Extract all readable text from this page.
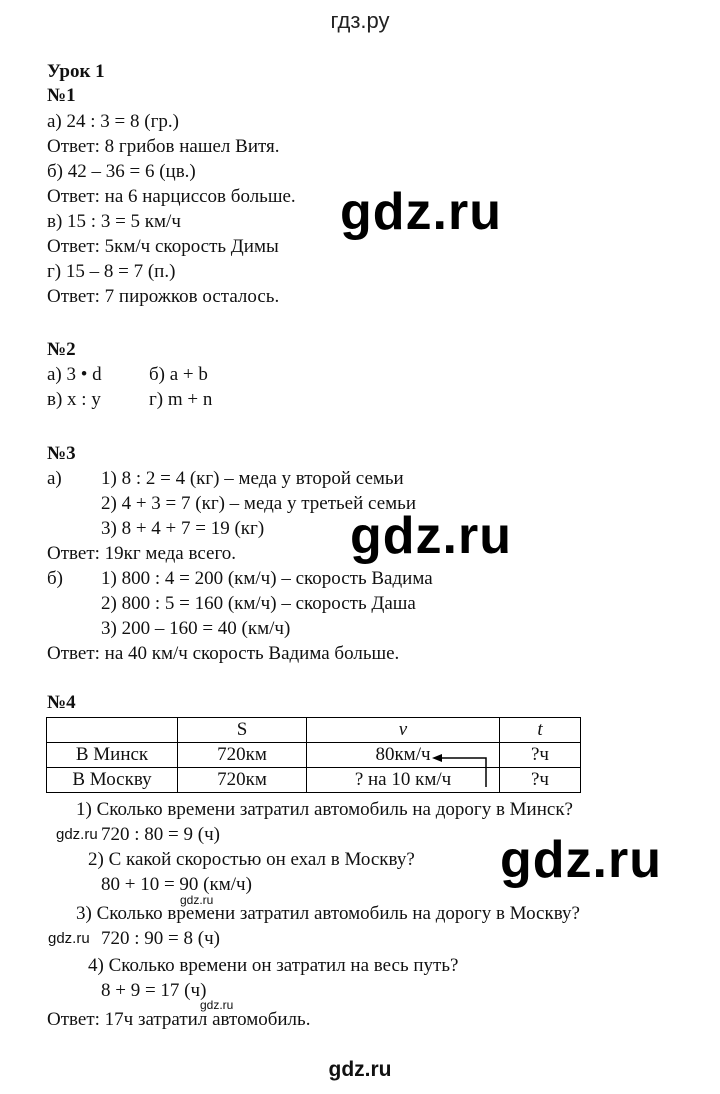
гдз.ру
Урок 1
№1
а) 24 : 3 = 8 (гр.)
Ответ: 8 грибов нашел Витя.
б) 42 – 36 = 6 (цв.)
Ответ: на 6 нарциссов больше.
в) 15 : 3 = 5 км/ч
Ответ: 5км/ч скорость Димы
г) 15 – 8 = 7 (п.)
Ответ: 7 пирожков осталось.
gdz.ru
№2
а) 3 • d б) a + b
в) x : y	г) m + n
№3
а) 1) 8 : 2 = 4 (кг) – меда у второй семьи
2) 4 + 3 = 7 (кг) – меда у третьей семьи
3) 8 + 4 + 7 = 19 (кг)
Ответ: 19кг меда всего.
б) 1) 800 : 4 = 200 (км/ч) – скорость Вадима
2) 800 : 5 = 160 (км/ч) – скорость Даша
3) 200 – 160 = 40 (км/ч)
Ответ: на 40 км/ч скорость Вадима больше.
gdz.ru
№4
	S	v	t
В Минск	720км	80км/ч	?ч
В Москву	720км	? на 10 км/ч	?ч
1) Сколько времени затратил автомобиль на дорогу в Минск?
720 : 80 = 9 (ч)
2) С какой скоростью он ехал в Москву?
80 + 10 = 90 (км/ч)
3) Сколько времени затратил автомобиль на дорогу в Москву?
720 : 90 = 8 (ч)
4) Сколько времени он затратил на весь путь?
8 + 9 = 17 (ч)
Ответ: 17ч затратил автомобиль.
gdz.ru	gdz.ru
gdz.ru
gdz.ru
gdz.ru
gdz.ru
